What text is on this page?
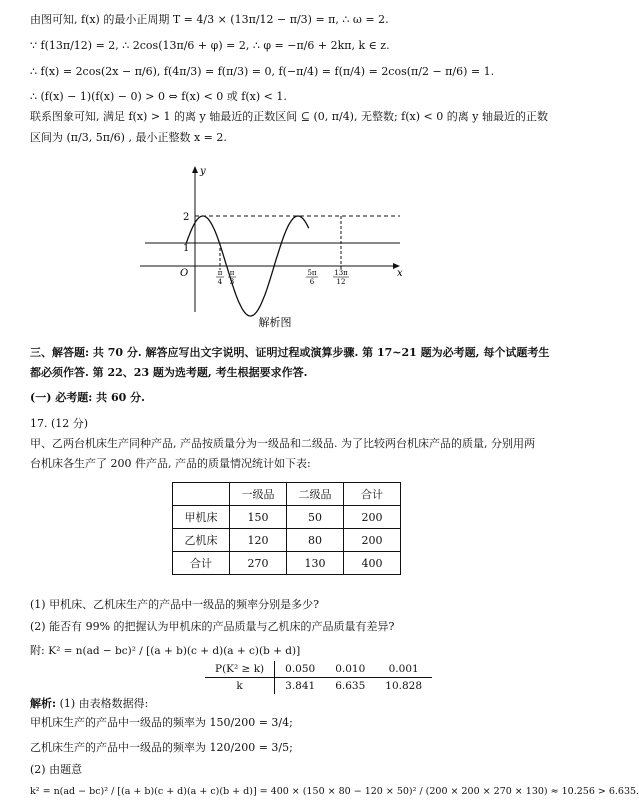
由图可知, f(x) 的最小正周期 T = 4/3 × (13π/12 − π/3) = π, ∴ ω = 2.
∵ f(13π/12) = 2, ∴ 2cos(13π/6 + φ) = 2, ∴ φ = −π/6 + 2kπ, k ∈ z.
∴ f(x) = 2cos(2x − π/6), f(4π/3) = f(π/3) = 0, f(−π/4) = f(π/4) = 2cos(π/2 − π/6) = 1.
∴ (f(x) − 1)(f(x) − 0) > 0 ⇔ f(x) < 0 或 f(x) < 1.
联系图象可知, 满足 f(x) > 1 的离 y 轴最近的正数区间 ⊆ (0, π/4), 无整数; f(x) < 0 的离 y 轴最近的正数
区间为 (π/3, 5π/6) , 最小正整数 x = 2.
y
x
O
2
1
π
4
π
3
5π
6
13π
12
解析图
三、解答题: 共 70 分. 解答应写出文字说明、证明过程或演算步骤. 第 17~21 题为必考题, 每个试题考生
都必须作答. 第 22、23 题为选考题, 考生根据要求作答.
(一) 必考题: 共 60 分.
17. (12 分)
甲、乙两台机床生产同种产品, 产品按质量分为一级品和二级品. 为了比较两台机床产品的质量, 分别用两
台机床各生产了 200 件产品, 产品的质量情况统计如下表:
	一级品	二级品	合计
甲机床	150	50	200
乙机床	120	80	200
合计	270	130	400
(1) 甲机床、乙机床生产的产品中一级品的频率分别是多少?
(2) 能否有 99% 的把握认为甲机床的产品质量与乙机床的产品质量有差异?
附: K² = n(ad − bc)² / [(a + b)(c + d)(a + c)(b + d)]
P(K² ≥ k)	0.050	0.010	0.001
k	3.841	6.635	10.828
解析: (1) 由表格数据得:
甲机床生产的产品中一级品的频率为 150/200 = 3/4;
乙机床生产的产品中一级品的频率为 120/200 = 3/5;
(2) 由题意
k² = n(ad − bc)² / [(a + b)(c + d)(a + c)(b + d)] = 400 × (150 × 80 − 120 × 50)² / (200 × 200 × 270 × 130) ≈ 10.256 > 6.635.
